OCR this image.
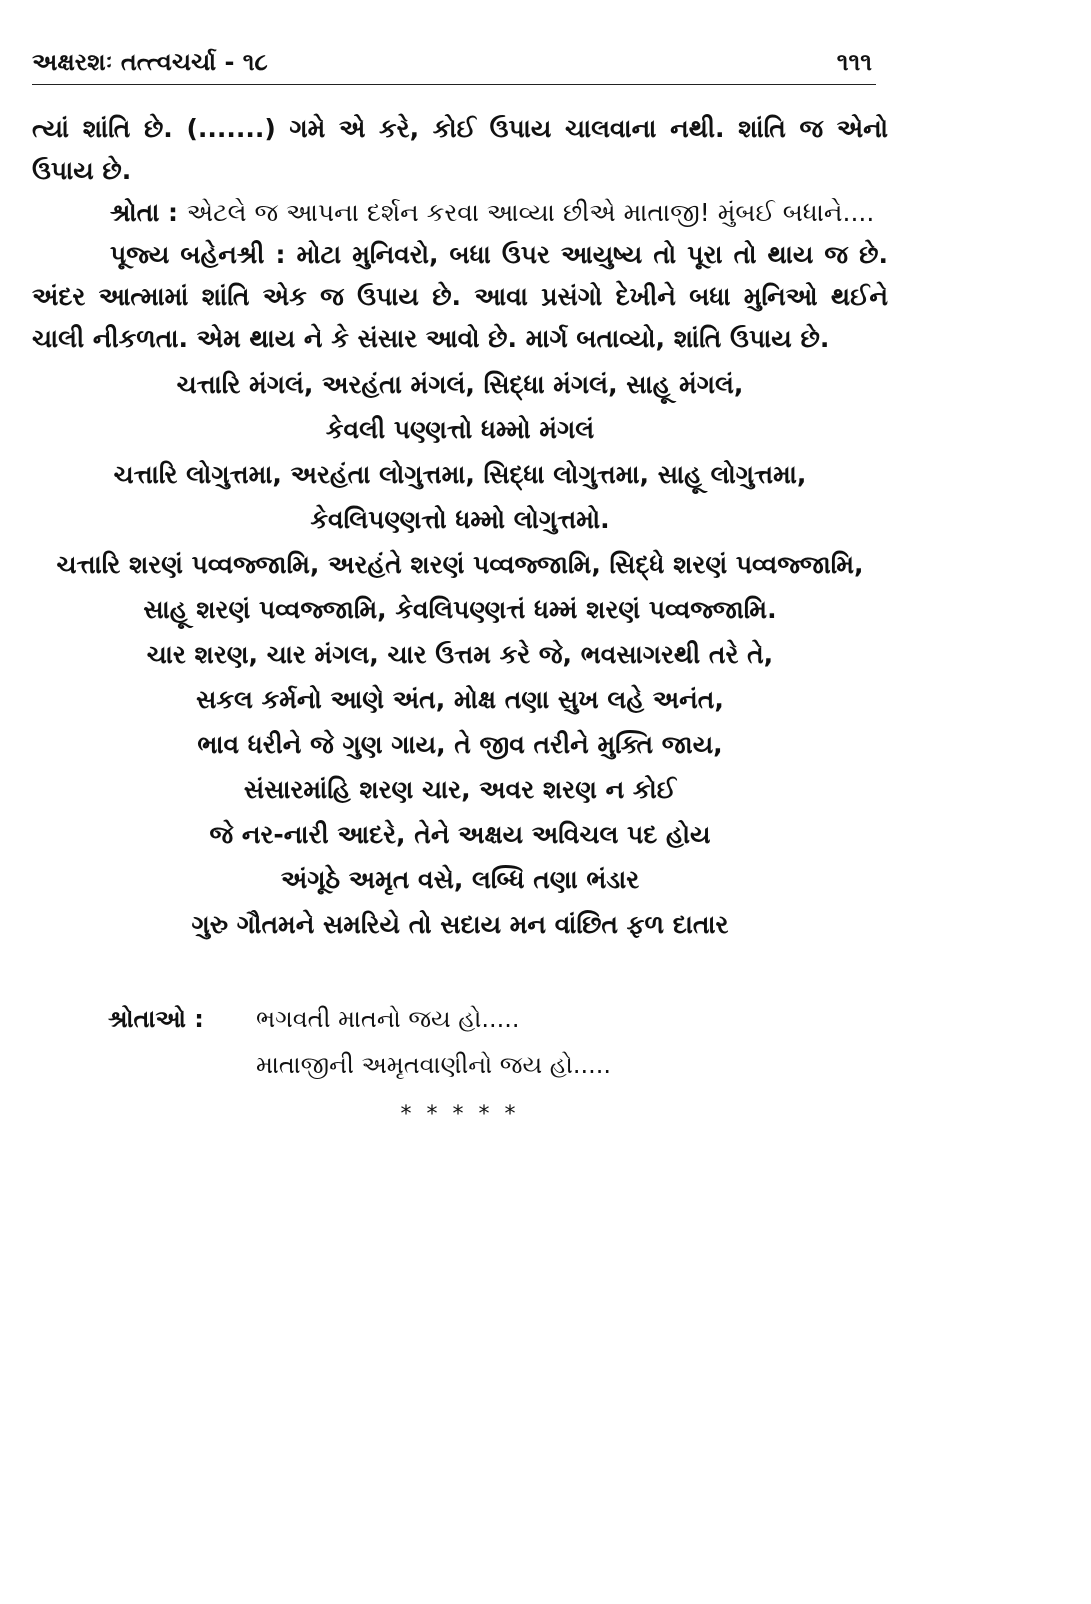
અક્ષરશઃ તત્ત્વચર્ચા - ૧૮	૧૧૧

ત્યાં શાંતિ છે. (.......) ગમે એ કરે, કોઈ ઉપાય ચાલવાના નથી. શાંતિ જ એનો ઉપાય છે.

શ્રોતા : એટલે જ આપના દર્શન કરવા આવ્યા છીએ માતાજી! મુંબઈ બધાને....

પૂજ્ય બહેનશ્રી : મોટા મુનિવરો, બધા ઉપર આયુષ્ય તો પૂરા તો થાય જ છે. અંદર આત્મામાં શાંતિ એક જ ઉપાય છે. આવા પ્રસંગો દેખીને બધા મુનિઓ થઈને ચાલી નીકળતા. એમ થાય ને કે સંસાર આવો છે. માર્ગ બતાવ્યો, શાંતિ ઉપાય છે.

ચત્તારિ મંગલં, અરહંતા મંગલં, સિદ્ધા મંગલં, સાહૂ મંગલં,

કેવલી પણ્ણત્તો ધમ્મો મંગલં

ચત્તારિ લોગુત્તમા, અરહંતા લોગુત્તમા, સિદ્ધા લોગુત્તમા, સાહૂ લોગુત્તમા,

કેવલિપણ્ણત્તો ધમ્મો લોગુત્તમો.

ચત્તારિ શરણં પવ્વજ્જામિ, અરહંતે શરણં પવ્વજ્જામિ, સિદ્ધે શરણં પવ્વજ્જામિ,

સાહૂ શરણં પવ્વજ્જામિ, કેવલિપણ્ણત્તં ધમ્મં શરણં પવ્વજ્જામિ.

ચાર શરણ, ચાર મંગલ, ચાર ઉત્તમ કરે જે, ભવસાગરથી તરે તે,

સકલ કર્મનો આણે અંત, મોક્ષ તણા સુખ લહે અનંત,

ભાવ ધરીને જે ગુણ ગાય, તે જીવ તરીને મુક્તિ જાય,

સંસારમાંહિ શરણ ચાર, અવર શરણ ન કોઈ

જે નર-નારી આદરે, તેને અક્ષય અવિચલ પદ હોય

અંગૂઠે અમૃત વસે, લબ્ધિ તણા ભંડાર

ગુરુ ગૌતમને સમરિયે તો સદાય મન વાંછિત ફળ દાતાર

શ્રોતાઓ : ભગવતી માતનો જય હો.....

માતાજીની અમૃતવાણીનો જય હો.....

* * * * *
